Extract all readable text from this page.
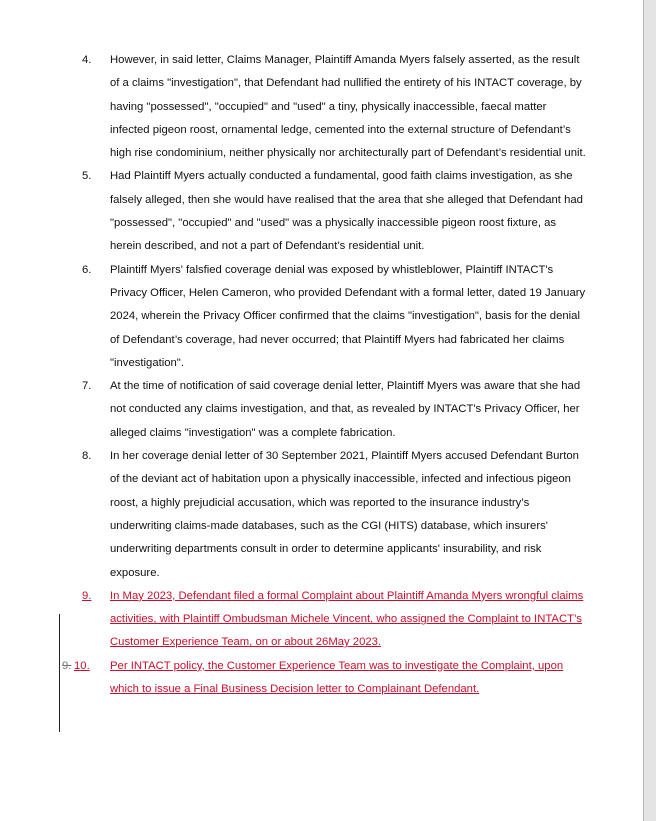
4. However, in said letter, Claims Manager, Plaintiff Amanda Myers falsely asserted, as the result of a claims "investigation", that Defendant had nullified the entirety of his INTACT coverage, by having "possessed", "occupied" and "used" a tiny, physically inaccessible, faecal matter infected pigeon roost, ornamental ledge, cemented into the external structure of Defendant’s high rise condominium, neither physically nor architecturally part of Defendant’s residential unit.
5. Had Plaintiff Myers actually conducted a fundamental, good faith claims investigation, as she falsely alleged, then she would have realised that the area that she alleged that Defendant had "possessed", "occupied" and "used" was a physically inaccessible pigeon roost fixture, as herein described, and not a part of Defendant’s residential unit.
6. Plaintiff Myers' falsfied coverage denial was exposed by whistleblower, Plaintiff INTACT's Privacy Officer, Helen Cameron, who provided Defendant with a formal letter, dated 19 January 2024, wherein the Privacy Officer confirmed that the claims "investigation", basis for the denial of Defendant’s coverage, had never occurred; that Plaintiff Myers had fabricated her claims "investigation".
7. At the time of notification of said coverage denial letter, Plaintiff Myers was aware that she had not conducted any claims investigation, and that, as revealed by INTACT's Privacy Officer, her alleged claims "investigation" was a complete fabrication.
8. In her coverage denial letter of 30 September 2021, Plaintiff Myers accused Defendant Burton of the deviant act of habitation upon a physically inaccessible, infected and infectious pigeon roost, a highly prejudicial accusation, which was reported to the insurance industry’s underwriting claims-made databases, such as the CGI (HITS) database, which insurers' underwriting departments consult in order to determine applicants' insurability, and risk exposure.
9. In May 2023, Defendant filed a formal Complaint about Plaintiff Amanda Myers wrongful claims activities, with Plaintiff Ombudsman Michele Vincent, who assigned the Complaint to INTACT’s Customer Experience Team, on or about 26May 2023.
9. 10. Per INTACT policy, the Customer Experience Team was to investigate the Complaint, upon which to issue a Final Business Decision letter to Complainant Defendant.
